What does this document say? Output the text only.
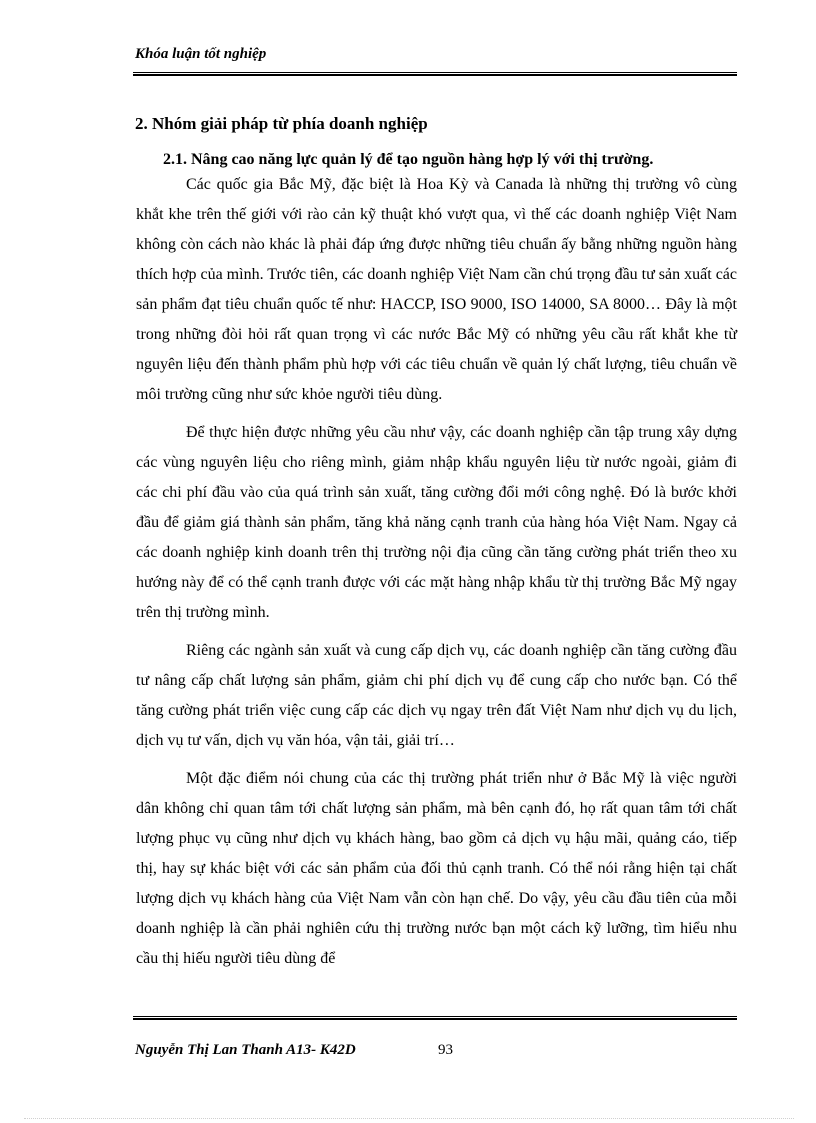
Khóa luận tốt nghiệp
2. Nhóm giải pháp từ phía doanh nghiệp
2.1. Nâng cao năng lực quản lý để tạo nguồn hàng hợp lý với thị trường.

Các quốc gia Bắc Mỹ, đặc biệt là Hoa Kỳ và Canada là những thị trường vô cùng khắt khe trên thế giới với rào cản kỹ thuật khó vượt qua, vì thế các doanh nghiệp Việt Nam không còn cách nào khác là phải đáp ứng được những tiêu chuẩn ấy bằng những nguồn hàng thích hợp của mình. Trước tiên, các doanh nghiệp Việt Nam cần chú trọng đầu tư sản xuất các sản phẩm đạt tiêu chuẩn quốc tế như: HACCP, ISO 9000, ISO 14000, SA 8000… Đây là một trong những đòi hỏi rất quan trọng vì các nước Bắc Mỹ có những yêu cầu rất khắt khe từ nguyên liệu đến thành phẩm phù hợp với các tiêu chuẩn về quản lý chất lượng, tiêu chuẩn về môi trường cũng như sức khỏe người tiêu dùng.

Để thực hiện được những yêu cầu như vậy, các doanh nghiệp cần tập trung xây dựng các vùng nguyên liệu cho riêng mình, giảm nhập khẩu nguyên liệu từ nước ngoài, giảm đi các chi phí đầu vào của quá trình sản xuất, tăng cường đổi mới công nghệ. Đó là bước khởi đầu để giảm giá thành sản phẩm, tăng khả năng cạnh tranh của hàng hóa Việt Nam. Ngay cả các doanh nghiệp kinh doanh trên thị trường nội địa cũng cần tăng cường phát triển theo xu hướng này để có thể cạnh tranh được với các mặt hàng nhập khẩu từ thị trường Bắc Mỹ ngay trên thị trường mình.

Riêng các ngành sản xuất và cung cấp dịch vụ, các doanh nghiệp cần tăng cường đầu tư nâng cấp chất lượng sản phẩm, giảm chi phí dịch vụ để cung cấp cho nước bạn. Có thể tăng cường phát triển việc cung cấp các dịch vụ ngay trên đất Việt Nam như dịch vụ du lịch, dịch vụ tư vấn, dịch vụ văn hóa, vận tải, giải trí…

Một đặc điểm nói chung của các thị trường phát triển như ở Bắc Mỹ là việc người dân không chỉ quan tâm tới chất lượng sản phẩm, mà bên cạnh đó, họ rất quan tâm tới chất lượng phục vụ cũng như dịch vụ khách hàng, bao gồm cả dịch vụ hậu mãi, quảng cáo, tiếp thị, hay sự khác biệt với các sản phẩm của đối thủ cạnh tranh. Có thể nói rằng hiện tại chất lượng dịch vụ khách hàng của Việt Nam vẫn còn hạn chế. Do vậy, yêu cầu đầu tiên của mỗi doanh nghiệp là cần phải nghiên cứu thị trường nước bạn một cách kỹ lưỡng, tìm hiểu nhu cầu thị hiếu người tiêu dùng để

Nguyễn Thị Lan Thanh A13- K42D	93
